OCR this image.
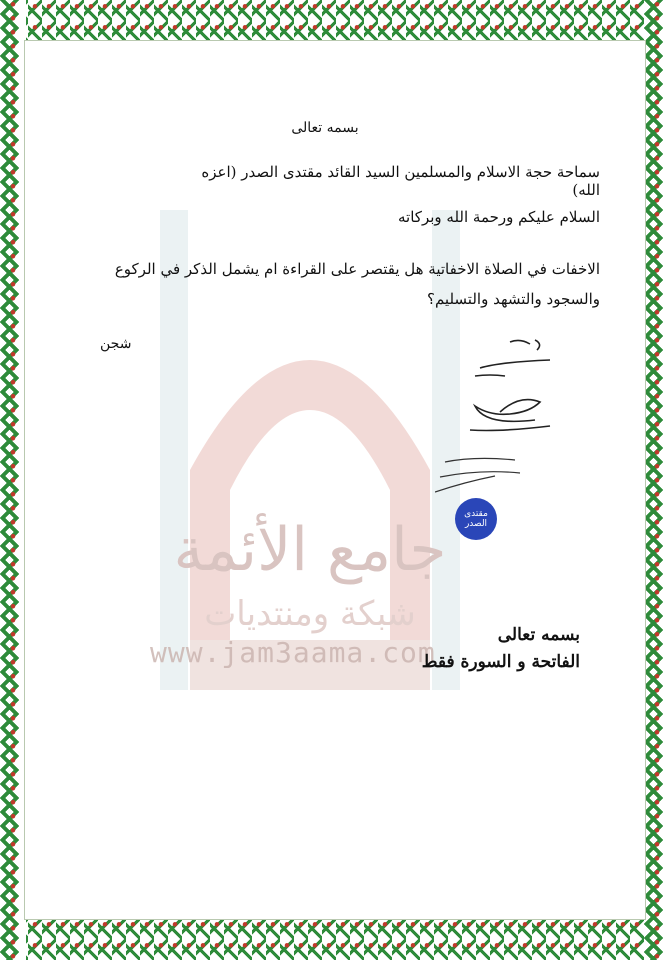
جامع الأئمة
شبكة ومنتديات
www.jam3aama.com
بسمه تعالى
سماحة حجة الاسلام والمسلمين السيد القائد مقتدى الصدر (اعزه الله)
السلام عليكم ورحمة الله وبركاته
الاخفات في الصلاة الاخفاتية هل يقتصر على القراءة ام يشمل الذكر في الركوع والسجود والتشهد والتسليم؟
شجن
مقتدى الصدر
بسمه تعالى
الفاتحة و السورة فقط
